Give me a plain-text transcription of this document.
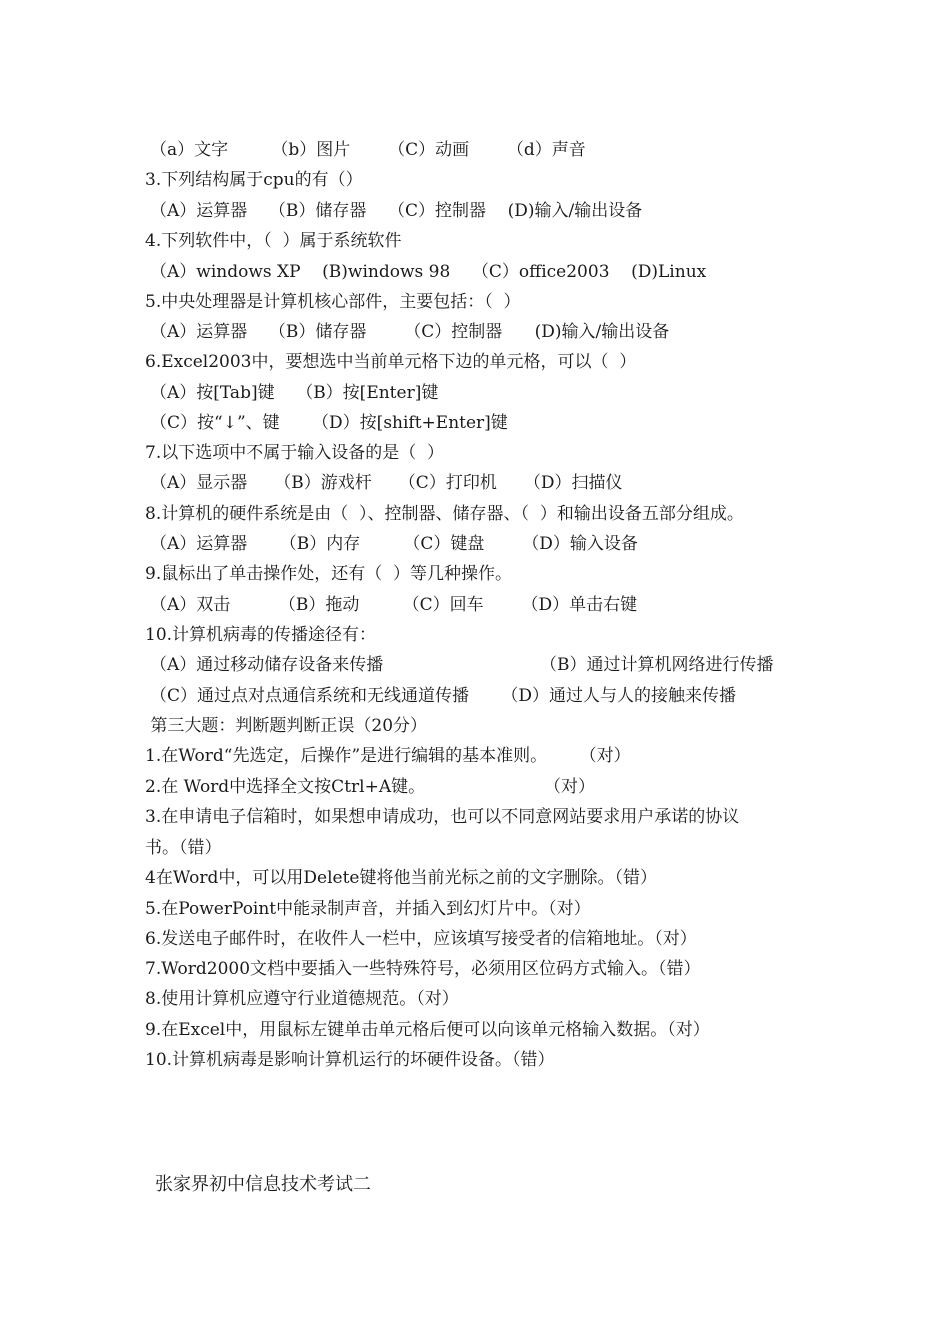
（a）文字        （b）图片       （C）动画       （d）声音
3.下列结构属于cpu的有（）
（A）运算器    （B）储存器    （C）控制器    (D)输入/输出设备
4.下列软件中，（  ）属于系统软件
（A）windows XP    (B)windows 98    （C）office2003    (D)Linux
5.中央处理器是计算机核心部件，主要包括：（  ）
（A）运算器    （B）储存器       （C）控制器      (D)输入/输出设备
6.Excel2003中，要想选中当前单元格下边的单元格，可以（  ）
（A）按[Tab]键    （B）按[Enter]键
（C）按“↓”、键      （D）按[shift+Enter]键
7.以下选项中不属于输入设备的是（  ）
（A）显示器     （B）游戏杆     （C）打印机     （D）扫描仪
8.计算机的硬件系统是由（  ）、控制器、储存器、（  ）和输出设备五部分组成。
（A）运算器      （B）内存        （C）键盘       （D）输入设备
9.鼠标出了单击操作处，还有（  ）等几种操作。
（A）双击         （B）拖动        （C）回车       （D）单击右键
10.计算机病毒的传播途径有：
（A）通过移动储存设备来传播	（B）通过计算机网络进行传播
（C）通过点对点通信系统和无线通道传播      （D）通过人与人的接触来传播
第三大题：判断题判断正误（20分）
1.在Word“先选定，后操作”是进行编辑的基本准则。      （对）
2.在 Word中选择全文按Ctrl+A键。                      （对）
3.在申请电子信箱时，如果想申请成功，也可以不同意网站要求用户承诺的协议
书。（错）
4在Word中，可以用Delete键将他当前光标之前的文字删除。（错）
5.在PowerPoint中能录制声音，并插入到幻灯片中。（对）
6.发送电子邮件时，在收件人一栏中，应该填写接受者的信箱地址。（对）
7.Word2000文档中要插入一些特殊符号，必须用区位码方式输入。（错）
8.使用计算机应遵守行业道德规范。（对）
9.在Excel中，用鼠标左键单击单元格后便可以向该单元格输入数据。（对）
10.计算机病毒是影响计算机运行的坏硬件设备。（错）
张家界初中信息技术考试二
